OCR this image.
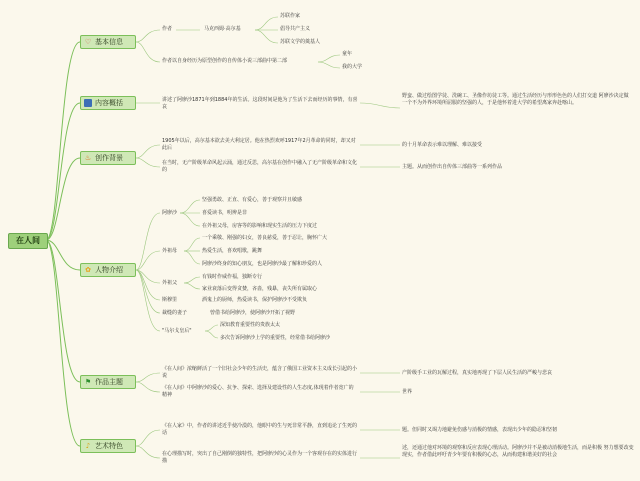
在人间
♡ 基本信息
内容概括
♨ 创作背景
✿ 人物介绍
⚑ 作品主题
♪ 艺术特色
作者	马克西姆·高尔基
苏联作家
倡导共产主义
苏联文学的奠基人
作者以自身经历为原型创作的自传体小说三部曲中第二部
童年
我的大学
讲述了阿廖沙1871年到1884年的生活。这段时间是他为了生活下去而经历的事情，有喜哀
野蛮、做过绘图学徒、洗碗工、圣像作坊徒工等。通过生活经历与形形色色的人们打交道 阿廖沙决定做一个不为外界环境所屈服的坚强的人，于是他怀着进大学的希望离家奔赴喀山。
1905年以后，高尔基本欲去美大利定居。他在热烈欢呼1917年2月革命的同时，却又对此后	的十月革命表示难以理解、难以接受
在当时，无产阶级革命风起云涌，通过反思，高尔基在创作中融入了无产阶级革命和文化的	主题。从而创作出自传体三部曲等一系列作品
阿廖沙
坚强勇敢、正直、有爱心，善于观察并且敏感
喜爱读书，明辨是非
在外祖父母，房客等的影响和现实生活的压力下度过
外祖母
一个乘敬、刚强的妇女，善良慈爱，善于忍让，胸怀广大
热爱生活，喜欢唱歌，跳舞
阿廖沙终身的知心朋友，也是阿廖沙最了解和珍爱的人
外祖父
有钱时作威作福，独断专行
家业衰落后变得贪婪，吝啬，残暴，丧失所有属取心
斯穆里	酒鬼上的厨师，热爱读书，保护阿廖沙不受欺负
裁缝的妻子	曾借书给阿廖沙，使阿廖沙开拓了视野
"马尔戈皇后"
深知教育重要性的贵族太太
多次告诉阿廖沙上学的重要性，经常借书给阿廖沙
《在人间》浓缩鲜活了一个旧社会少年的生活史，蕴含了俄国工业资本主义成长引起的小说	产阶级手工业的瓦解过程，真实地再现了下层人民生活的严峻与悲哀
《在人间》中阿廖沙的爱心、抗争、探索、选择及建设性的人生态度,体现着作者宽广的精神	世界
《在人家》中，作者的讲述近乎使冷漠的，他眼中的生与死非常平静，直到追论了生死的话	题。但同时又竭力地避免伤感与消极的情感，表现出少年的隐忍和坚韧
在心理描写时，突出了自己刚倒的独特性，把阿廖沙的心灵作为一个客观存在的实体进行描
述，还通过他对环境的观察和反应表现心理活动。阿廖沙并不是被动消极地生活，而是积极 努力想要改变现实，作者借此呼吁青少年要有积极的心态，从而构建和谐美好的社会
